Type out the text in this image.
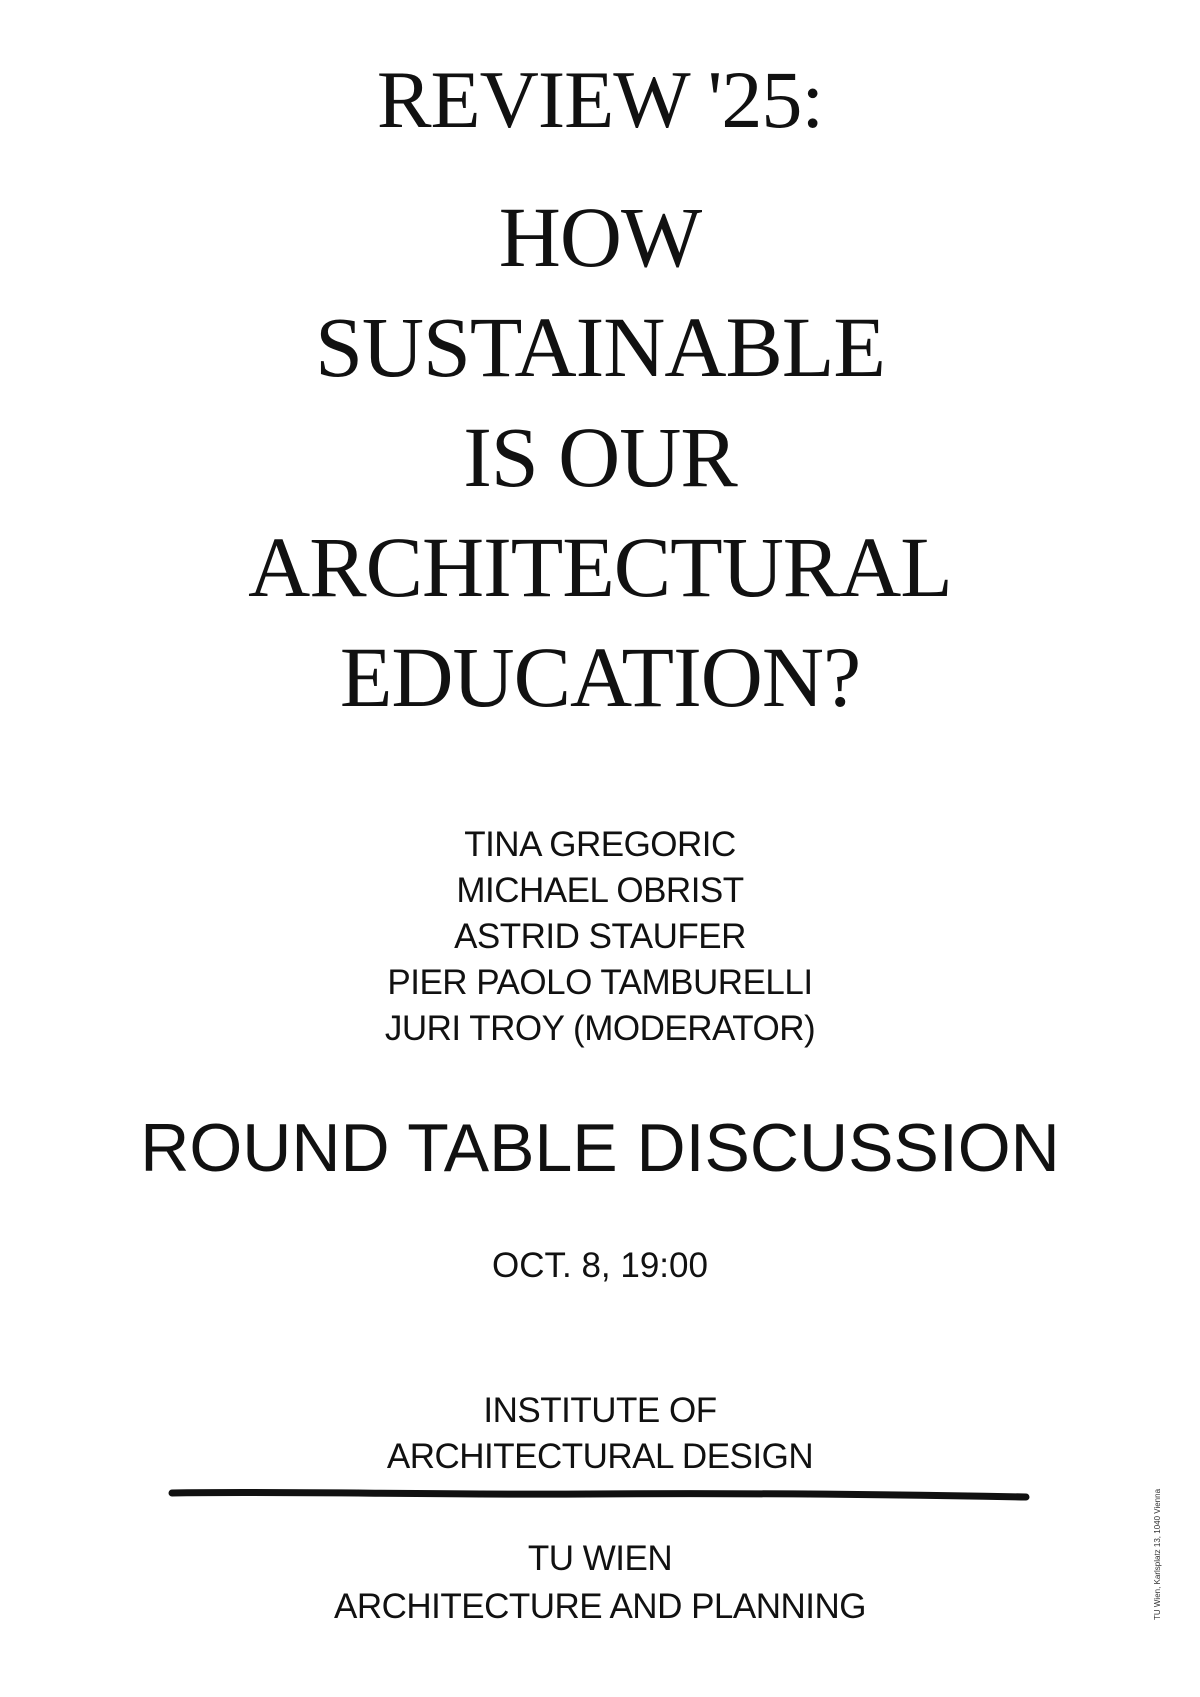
REVIEW '25:
HOW
SUSTAINABLE
IS OUR
ARCHITECTURAL
EDUCATION?
TINA GREGORIC
MICHAEL OBRIST
ASTRID STAUFER
PIER PAOLO TAMBURELLI
JURI TROY (MODERATOR)
ROUND TABLE DISCUSSION
OCT. 8, 19:00
INSTITUTE OF
ARCHITECTURAL DESIGN
TU WIEN
ARCHITECTURE AND PLANNING	TU Wien, Karlsplatz 13, 1040 Vienna
